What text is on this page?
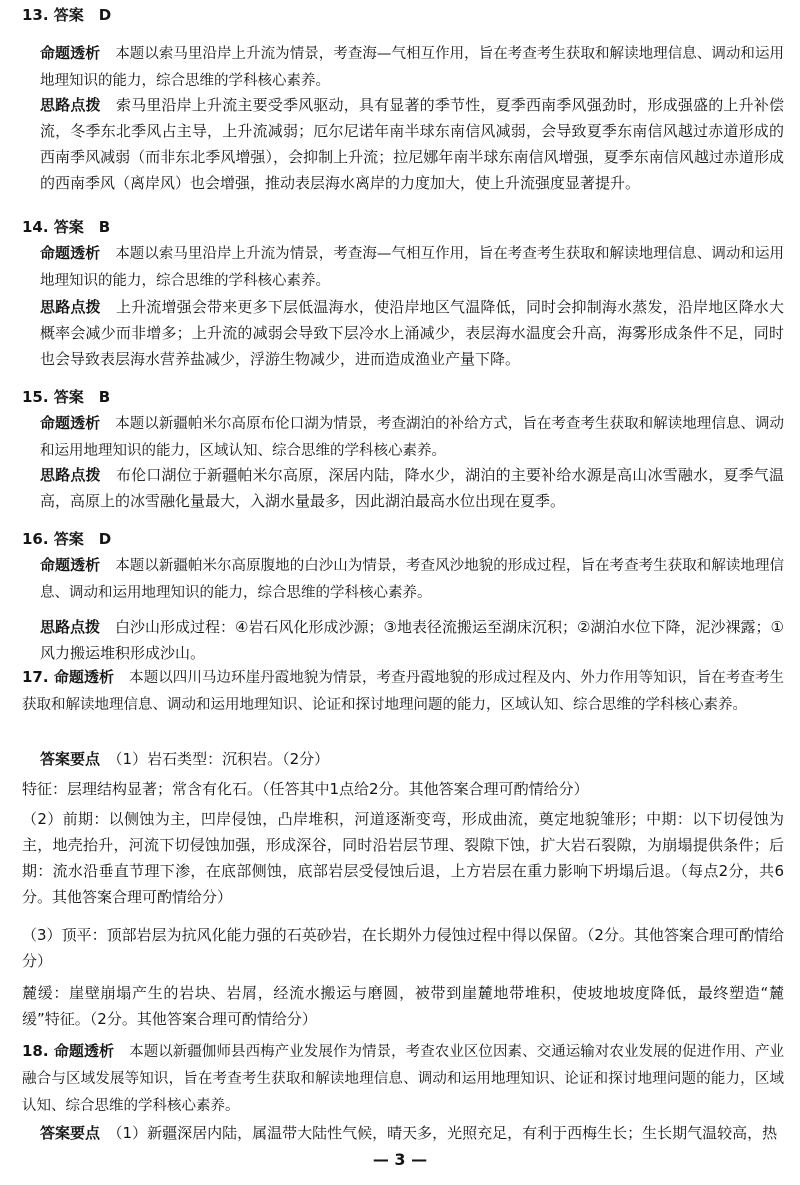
13. 答案　D
命题透析　 本题以索马里沿岸上升流为情景，考查海—气相互作用，旨在考查考生获取和解读地理信息、调动和运用地理知识的能力，综合思维的学科核心素养。
思路点拨　 索马里沿岸上升流主要受季风驱动，具有显著的季节性，夏季西南季风强劲时，形成强盛的上升补偿流，冬季东北季风占主导，上升流减弱；厄尔尼诺年南半球东南信风减弱，会导致夏季东南信风越过赤道形成的西南季风减弱（而非东北季风增强），会抑制上升流；拉尼娜年南半球东南信风增强，夏季东南信风越过赤道形成的西南季风（离岸风）也会增强，推动表层海水离岸的力度加大，使上升流强度显著提升。
14. 答案　B
命题透析　 本题以索马里沿岸上升流为情景，考查海—气相互作用，旨在考查考生获取和解读地理信息、调动和运用地理知识的能力，综合思维的学科核心素养。
思路点拨　 上升流增强会带来更多下层低温海水，使沿岸地区气温降低，同时会抑制海水蒸发，沿岸地区降水大概率会减少而非增多；上升流的减弱会导致下层冷水上涌减少，表层海水温度会升高，海雾形成条件不足，同时也会导致表层海水营养盐减少，浮游生物减少，进而造成渔业产量下降。
15. 答案　B
命题透析　 本题以新疆帕米尔高原布伦口湖为情景，考查湖泊的补给方式，旨在考查考生获取和解读地理信息、调动和运用地理知识的能力，区域认知、综合思维的学科核心素养。
思路点拨　 布伦口湖位于新疆帕米尔高原，深居内陆，降水少，湖泊的主要补给水源是高山冰雪融水，夏季气温高，高原上的冰雪融化量最大，入湖水量最多，因此湖泊最高水位出现在夏季。
16. 答案　D
命题透析　 本题以新疆帕米尔高原腹地的白沙山为情景，考查风沙地貌的形成过程，旨在考查考生获取和解读地理信息、调动和运用地理知识的能力，综合思维的学科核心素养。
思路点拨　 白沙山形成过程：④岩石风化形成沙源；③地表径流搬运至湖床沉积；②湖泊水位下降，泥沙裸露；①风力搬运堆积形成沙山。
17. 命题透析　 本题以四川马边环崖丹霞地貌为情景，考查丹霞地貌的形成过程及内、外力作用等知识，旨在考查考生获取和解读地理信息、调动和运用地理知识、论证和探讨地理问题的能力，区域认知、综合思维的学科核心素养。
答案要点　 （1）岩石类型：沉积岩。（2分）
特征：层理结构显著；常含有化石。（任答其中1点给2分。其他答案合理可酌情给分）
（2）前期：以侧蚀为主，凹岸侵蚀，凸岸堆积，河道逐渐变弯，形成曲流，奠定地貌雏形；中期：以下切侵蚀为主，地壳抬升，河流下切侵蚀加强，形成深谷，同时沿岩层节理、裂隙下蚀，扩大岩石裂隙，为崩塌提供条件；后期：流水沿垂直节理下渗，在底部侧蚀，底部岩层受侵蚀后退，上方岩层在重力影响下坍塌后退。（每点2分，共6分。其他答案合理可酌情给分）
（3）顶平：顶部岩层为抗风化能力强的石英砂岩，在长期外力侵蚀过程中得以保留。（2分。其他答案合理可酌情给分）
麓缓：崖壁崩塌产生的岩块、岩屑，经流水搬运与磨圆，被带到崖麓地带堆积，使坡地坡度降低，最终塑造“麓缓”特征。（2分。其他答案合理可酌情给分）
18. 命题透析　 本题以新疆伽师县西梅产业发展作为情景，考查农业区位因素、交通运输对农业发展的促进作用、产业融合与区域发展等知识，旨在考查考生获取和解读地理信息、调动和运用地理知识、论证和探讨地理问题的能力，区域认知、综合思维的学科核心素养。
答案要点　 （1）新疆深居内陆，属温带大陆性气候，晴天多，光照充足，有利于西梅生长；生长期气温较高，热
— 3 —
